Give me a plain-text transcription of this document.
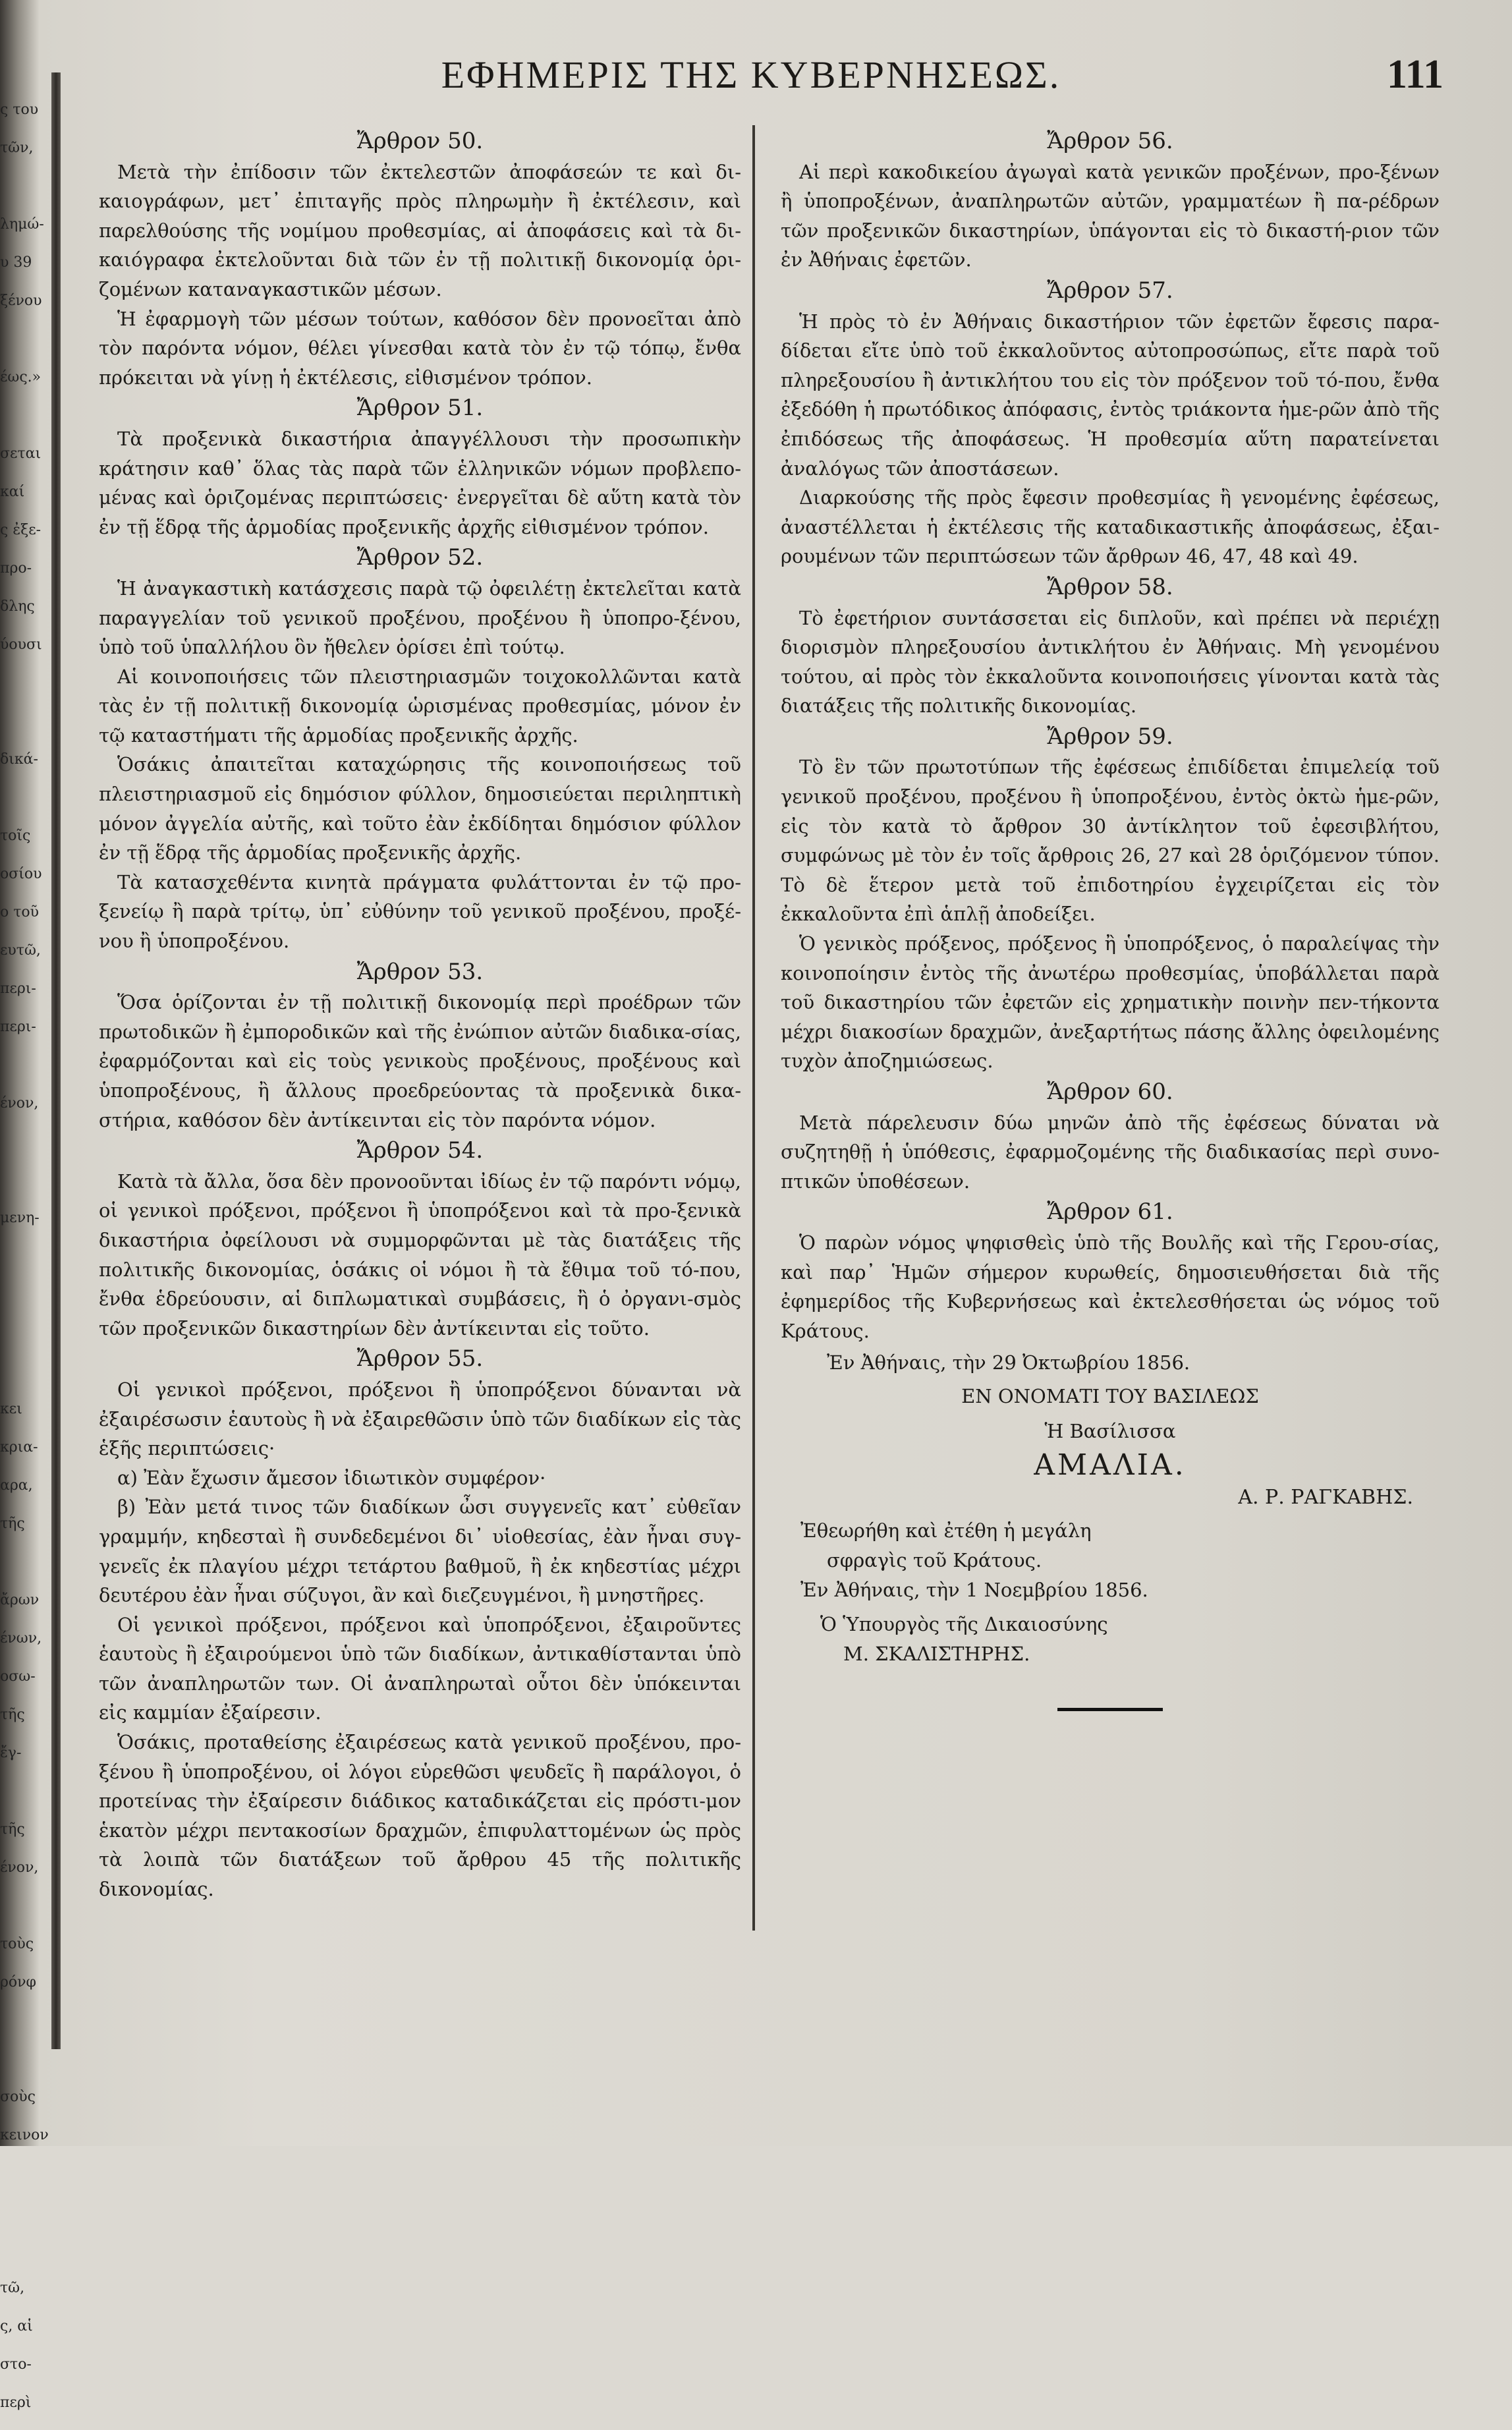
ς του
τῶν,
λημώ-
υ 39
ξένου
έως.»
σεται
καί
ς ἐξε-
προ-
δλης
ύουσι
δικά-
τοῖς
οσίου
ο τοῦ
ευτῶ,
περι-
περι-
ένον,
μενη-
κει
κρια-
αρα,
τῆς
ἄρων
ένων,
οσω-
τῆς
ἔγ-
τῆς
ένον,
τοὺς
ρόνφ
σοὺς
κεινον
τῶ,
ς, αἱ
στο-
περὶ
ΕΦΗΜΕΡΙΣ ΤΗΣ ΚΥΒΕΡΝΗΣΕΩΣ.	111
Ἄρθρον 50.
Μετὰ τὴν ἐπίδοσιν τῶν ἐκτελεστῶν ἀποφάσεών τε καὶ δι-καιογράφων, μετ᾽ ἐπιταγῆς πρὸς πληρωμὴν ἢ ἐκτέλεσιν, καὶ παρελθούσης τῆς νομίμου προθεσμίας, αἱ ἀποφάσεις καὶ τὰ δι-καιόγραφα ἐκτελοῦνται διὰ τῶν ἐν τῇ πολιτικῇ δικονομίᾳ ὁρι-ζομένων καταναγκαστικῶν μέσων.
Ἡ ἐφαρμογὴ τῶν μέσων τούτων, καθόσον δὲν προνοεῖται ἀπὸ τὸν παρόντα νόμον, θέλει γίνεσθαι κατὰ τὸν ἐν τῷ τόπῳ, ἔνθα πρόκειται νὰ γίνῃ ἡ ἐκτέλεσις, εἰθισμένον τρόπον.
Ἄρθρον 51.
Τὰ προξενικὰ δικαστήρια ἀπαγγέλλουσι τὴν προσωπικὴν κράτησιν καθ᾽ ὅλας τὰς παρὰ τῶν ἑλληνικῶν νόμων προβλεπο-μένας καὶ ὁριζομένας περιπτώσεις· ἐνεργεῖται δὲ αὕτη κατὰ τὸν ἐν τῇ ἕδρᾳ τῆς ἁρμοδίας προξενικῆς ἀρχῆς εἰθισμένον τρόπον.
Ἄρθρον 52.
Ἡ ἀναγκαστικὴ κατάσχεσις παρὰ τῷ ὀφειλέτῃ ἐκτελεῖται κατὰ παραγγελίαν τοῦ γενικοῦ προξένου, προξένου ἢ ὑποπρο-ξένου, ὑπὸ τοῦ ὑπαλλήλου ὃν ἤθελεν ὁρίσει ἐπὶ τούτῳ.
Αἱ κοινοποιήσεις τῶν πλειστηριασμῶν τοιχοκολλῶνται κατὰ τὰς ἐν τῇ πολιτικῇ δικονομίᾳ ὡρισμένας προθεσμίας, μόνον ἐν τῷ καταστήματι τῆς ἁρμοδίας προξενικῆς ἀρχῆς.
Ὁσάκις ἀπαιτεῖται καταχώρησις τῆς κοινοποιήσεως τοῦ πλειστηριασμοῦ εἰς δημόσιον φύλλον, δημοσιεύεται περιληπτικὴ μόνον ἀγγελία αὐτῆς, καὶ τοῦτο ἐὰν ἐκδίδηται δημόσιον φύλλον ἐν τῇ ἕδρᾳ τῆς ἁρμοδίας προξενικῆς ἀρχῆς.
Τὰ κατασχεθέντα κινητὰ πράγματα φυλάττονται ἐν τῷ προ-ξενείῳ ἢ παρὰ τρίτῳ, ὑπ᾽ εὐθύνην τοῦ γενικοῦ προξένου, προξέ-νου ἢ ὑποπροξένου.
Ἄρθρον 53.
Ὅσα ὁρίζονται ἐν τῇ πολιτικῇ δικονομίᾳ περὶ προέδρων τῶν πρωτοδικῶν ἢ ἐμποροδικῶν καὶ τῆς ἐνώπιον αὐτῶν διαδικα-σίας, ἐφαρμόζονται καὶ εἰς τοὺς γενικοὺς προξένους, προξένους καὶ ὑποπροξένους, ἢ ἄλλους προεδρεύοντας τὰ προξενικὰ δικα-στήρια, καθόσον δὲν ἀντίκεινται εἰς τὸν παρόντα νόμον.
Ἄρθρον 54.
Κατὰ τὰ ἄλλα, ὅσα δὲν προνοοῦνται ἰδίως ἐν τῷ παρόντι νόμῳ, οἱ γενικοὶ πρόξενοι, πρόξενοι ἢ ὑποπρόξενοι καὶ τὰ προ-ξενικὰ δικαστήρια ὀφείλουσι νὰ συμμορφῶνται μὲ τὰς διατάξεις τῆς πολιτικῆς δικονομίας, ὁσάκις οἱ νόμοι ἢ τὰ ἔθιμα τοῦ τό-που, ἔνθα ἑδρεύουσιν, αἱ διπλωματικαὶ συμβάσεις, ἢ ὁ ὀργανι-σμὸς τῶν προξενικῶν δικαστηρίων δὲν ἀντίκεινται εἰς τοῦτο.
Ἄρθρον 55.
Οἱ γενικοὶ πρόξενοι, πρόξενοι ἢ ὑποπρόξενοι δύνανται νὰ ἐξαιρέσωσιν ἑαυτοὺς ἢ νὰ ἐξαιρεθῶσιν ὑπὸ τῶν διαδίκων εἰς τὰς ἑξῆς περιπτώσεις·
α) Ἐὰν ἔχωσιν ἄμεσον ἰδιωτικὸν συμφέρον·
β) Ἐὰν μετά τινος τῶν διαδίκων ὦσι συγγενεῖς κατ᾽ εὐθεῖαν γραμμήν, κηδεσταὶ ἢ συνδεδεμένοι δι᾽ υἱοθεσίας, ἐὰν ἦναι συγ-γενεῖς ἐκ πλαγίου μέχρι τετάρτου βαθμοῦ, ἢ ἐκ κηδεστίας μέχρι δευτέρου ἐὰν ἦναι σύζυγοι, ἂν καὶ διεζευγμένοι, ἢ μνηστῆρες.
Οἱ γενικοὶ πρόξενοι, πρόξενοι καὶ ὑποπρόξενοι, ἐξαιροῦντες ἑαυτοὺς ἢ ἐξαιρούμενοι ὑπὸ τῶν διαδίκων, ἀντικαθίστανται ὑπὸ τῶν ἀναπληρωτῶν των. Οἱ ἀναπληρωταὶ οὗτοι δὲν ὑπόκεινται εἰς καμμίαν ἐξαίρεσιν.
Ὁσάκις, προταθείσης ἐξαιρέσεως κατὰ γενικοῦ προξένου, προ-ξένου ἢ ὑποπροξένου, οἱ λόγοι εὑρεθῶσι ψευδεῖς ἢ παράλογοι, ὁ προτείνας τὴν ἐξαίρεσιν διάδικος καταδικάζεται εἰς πρόστι-μον ἑκατὸν μέχρι πεντακοσίων δραχμῶν, ἐπιφυλαττομένων ὡς πρὸς τὰ λοιπὰ τῶν διατάξεων τοῦ ἄρθρου 45 τῆς πολιτικῆς δικονομίας.
Ἄρθρον 56.
Αἱ περὶ κακοδικείου ἀγωγαὶ κατὰ γενικῶν προξένων, προ-ξένων ἢ ὑποπροξένων, ἀναπληρωτῶν αὐτῶν, γραμματέων ἢ πα-ρέδρων τῶν προξενικῶν δικαστηρίων, ὑπάγονται εἰς τὸ δικαστή-ριον τῶν ἐν Ἀθήναις ἐφετῶν.
Ἄρθρον 57.
Ἡ πρὸς τὸ ἐν Ἀθήναις δικαστήριον τῶν ἐφετῶν ἔφεσις παρα-δίδεται εἴτε ὑπὸ τοῦ ἐκκαλοῦντος αὐτοπροσώπως, εἴτε παρὰ τοῦ πληρεξουσίου ἢ ἀντικλήτου του εἰς τὸν πρόξενον τοῦ τό-που, ἔνθα ἐξεδόθη ἡ πρωτόδικος ἀπόφασις, ἐντὸς τριάκοντα ἡμε-ρῶν ἀπὸ τῆς ἐπιδόσεως τῆς ἀποφάσεως. Ἡ προθεσμία αὕτη παρατείνεται ἀναλόγως τῶν ἀποστάσεων.
Διαρκούσης τῆς πρὸς ἔφεσιν προθεσμίας ἢ γενομένης ἐφέσεως, ἀναστέλλεται ἡ ἐκτέλεσις τῆς καταδικαστικῆς ἀποφάσεως, ἐξαι-ρουμένων τῶν περιπτώσεων τῶν ἄρθρων 46, 47, 48 καὶ 49.
Ἄρθρον 58.
Τὸ ἐφετήριον συντάσσεται εἰς διπλοῦν, καὶ πρέπει νὰ περιέχῃ διορισμὸν πληρεξουσίου ἀντικλήτου ἐν Ἀθήναις. Μὴ γενομένου τούτου, αἱ πρὸς τὸν ἐκκαλοῦντα κοινοποιήσεις γίνονται κατὰ τὰς διατάξεις τῆς πολιτικῆς δικονομίας.
Ἄρθρον 59.
Τὸ ἓν τῶν πρωτοτύπων τῆς ἐφέσεως ἐπιδίδεται ἐπιμελείᾳ τοῦ γενικοῦ προξένου, προξένου ἢ ὑποπροξένου, ἐντὸς ὀκτὼ ἡμε-ρῶν, εἰς τὸν κατὰ τὸ ἄρθρον 30 ἀντίκλητον τοῦ ἐφεσιβλήτου, συμφώνως μὲ τὸν ἐν τοῖς ἄρθροις 26, 27 καὶ 28 ὁριζόμενον τύπον. Τὸ δὲ ἕτερον μετὰ τοῦ ἐπιδοτηρίου ἐγχειρίζεται εἰς τὸν ἐκκαλοῦντα ἐπὶ ἁπλῇ ἀποδείξει.
Ὁ γενικὸς πρόξενος, πρόξενος ἢ ὑποπρόξενος, ὁ παραλείψας τὴν κοινοποίησιν ἐντὸς τῆς ἀνωτέρω προθεσμίας, ὑποβάλλεται παρὰ τοῦ δικαστηρίου τῶν ἐφετῶν εἰς χρηματικὴν ποινὴν πεν-τήκοντα μέχρι διακοσίων δραχμῶν, ἀνεξαρτήτως πάσης ἄλλης ὀφειλομένης τυχὸν ἀποζημιώσεως.
Ἄρθρον 60.
Μετὰ πάρελευσιν δύω μηνῶν ἀπὸ τῆς ἐφέσεως δύναται νὰ συζητηθῇ ἡ ὑπόθεσις, ἐφαρμοζομένης τῆς διαδικασίας περὶ συνο-πτικῶν ὑποθέσεων.
Ἄρθρον 61.
Ὁ παρὼν νόμος ψηφισθεὶς ὑπὸ τῆς Βουλῆς καὶ τῆς Γερου-σίας, καὶ παρ᾽ Ἡμῶν σήμερον κυρωθείς, δημοσιευθήσεται διὰ τῆς ἐφημερίδος τῆς Κυβερνήσεως καὶ ἐκτελεσθήσεται ὡς νόμος τοῦ Κράτους.
Ἐν Ἀθήναις, τὴν 29 Ὀκτωβρίου 1856.
ΕΝ ΟΝΟΜΑΤΙ ΤΟΥ ΒΑΣΙΛΕΩΣ
Ἡ Βασίλισσα
ΑΜΑΛΙΑ.
Α. Ρ. ΡΑΓΚΑΒΗΣ.
Ἐθεωρήθη καὶ ἐτέθη ἡ μεγάλη
σφραγὶς τοῦ Κράτους.
Ἐν Ἀθήναις, τὴν 1 Νοεμβρίου 1856.
Ὁ Ὑπουργὸς τῆς Δικαιοσύνης
Μ. ΣΚΑΛΙΣΤΗΡΗΣ.
